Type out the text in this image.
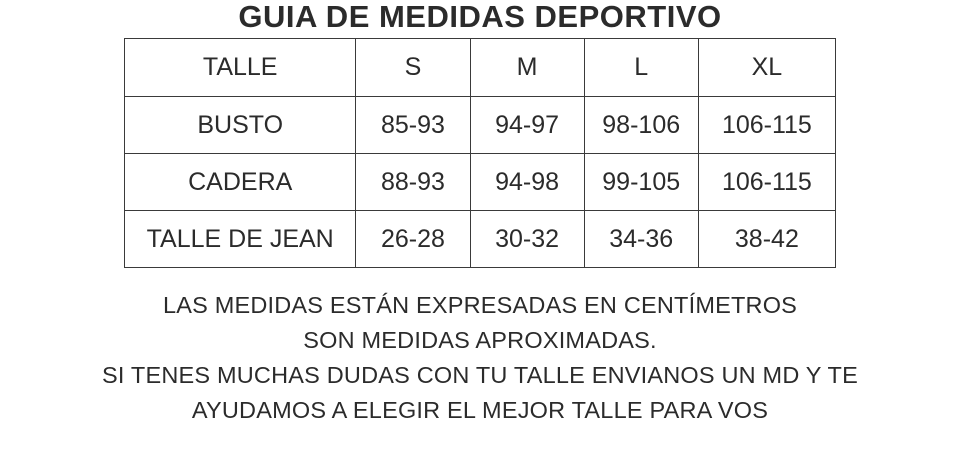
GUIA DE MEDIDAS DEPORTIVO
TALLE	S	M	L	XL
BUSTO	85-93	94-97	98-106	106-115
CADERA	88-93	94-98	99-105	106-115
TALLE DE JEAN	26-28	30-32	34-36	38-42

LAS MEDIDAS ESTÁN EXPRESADAS EN CENTÍMETROS

SON MEDIDAS APROXIMADAS.

SI TENES MUCHAS DUDAS CON TU TALLE ENVIANOS UN MD Y TE

AYUDAMOS A ELEGIR EL MEJOR TALLE PARA VOS
